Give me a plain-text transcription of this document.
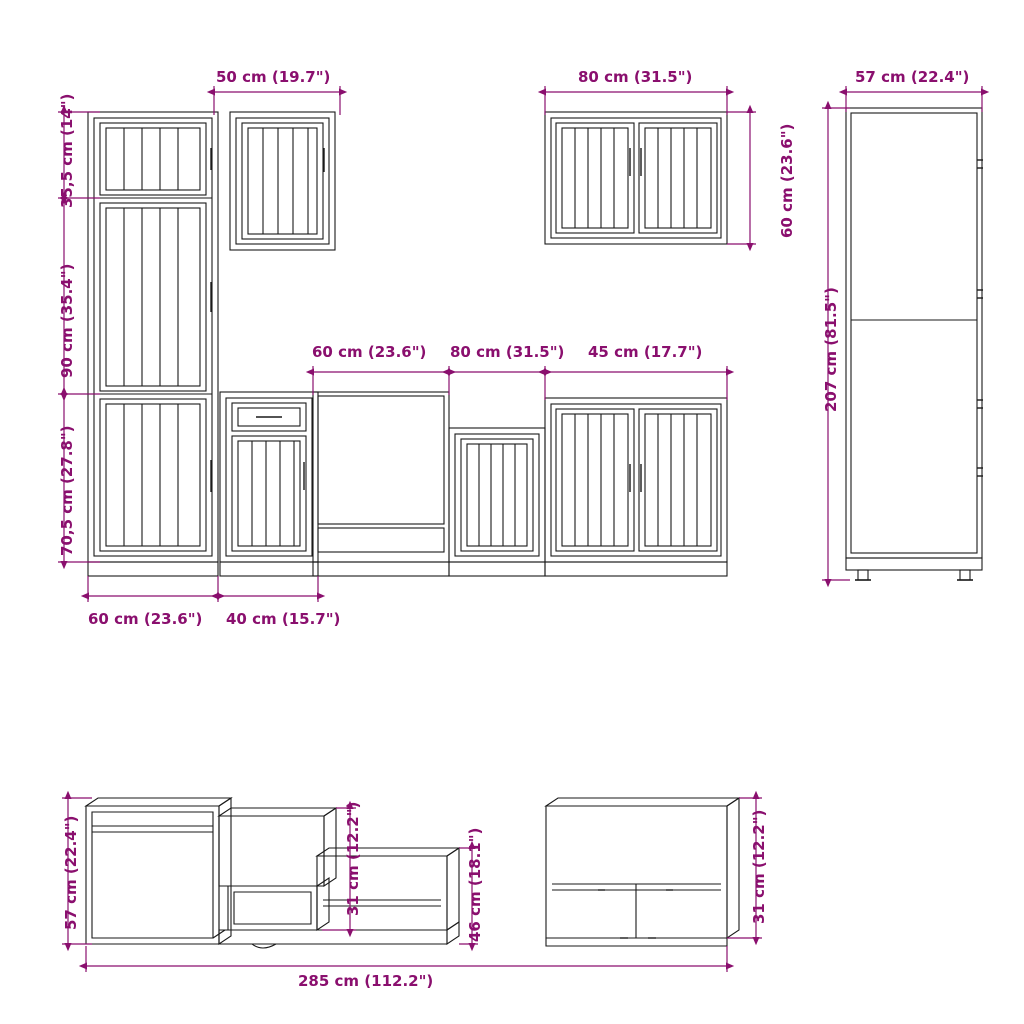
35,5 cm (14")
50 cm (19.7")
90 cm (35.4")
70,5 cm (27.8")
60 cm (23.6") 40 cm (15.7")
60 cm (23.6") 80 cm (31.5") 45 cm (17.7")
80 cm (31.5")
60 cm (23.6")
57 cm (22.4")
207 cm (81.5")
57 cm (22.4")	31 cm (12.2")	46 cm (18.1")	31 cm (12.2")
285 cm (112.2")
